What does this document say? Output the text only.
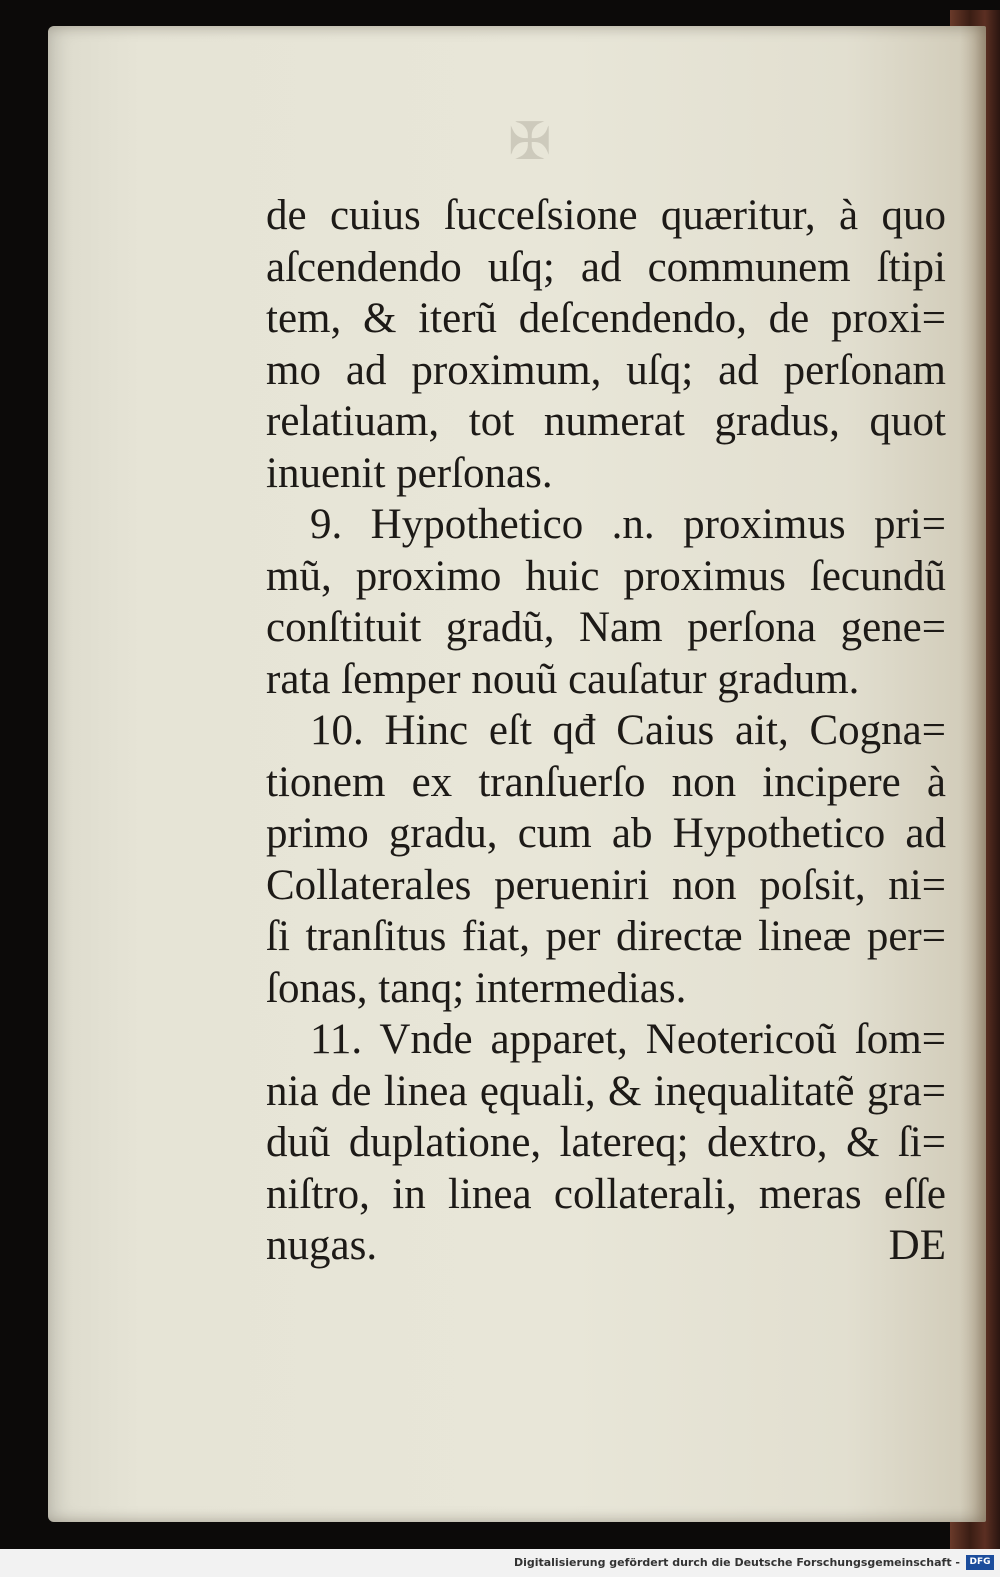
✠
de cuius ſucceſsione quæritur, à quo
aſcendendo uſq; ad communem ſtipi
tem, & iterũ deſcendendo, de proxi=
mo ad proximum, uſq; ad perſonam
relatiuam, tot numerat gradus, quot
inuenit perſonas.
9. Hypothetico .n. proximus pri=
mũ, proximo huic proximus ſecundũ
conſtituit gradũ, Nam perſona gene=
rata ſemper nouũ cauſatur gradum.
10. Hinc eſt qđ Caius ait, Cogna=
tionem ex tranſuerſo non incipere à
primo gradu, cum ab Hypothetico ad
Collaterales perueniri non poſsit, ni=
ſi tranſitus fiat, per directæ lineæ per=
ſonas, tanq; intermedias.
11. Vnde apparet, Neotericoũ ſom=
nia de linea ęquali, & inęqualitatẽ gra=
duũ duplatione, latereq; dextro, & ſi=
niſtro, in linea collaterali, meras eſſe
nugas.	DE
Digitalisierung gefördert durch die Deutsche Forschungsgemeinschaft -	DFG
